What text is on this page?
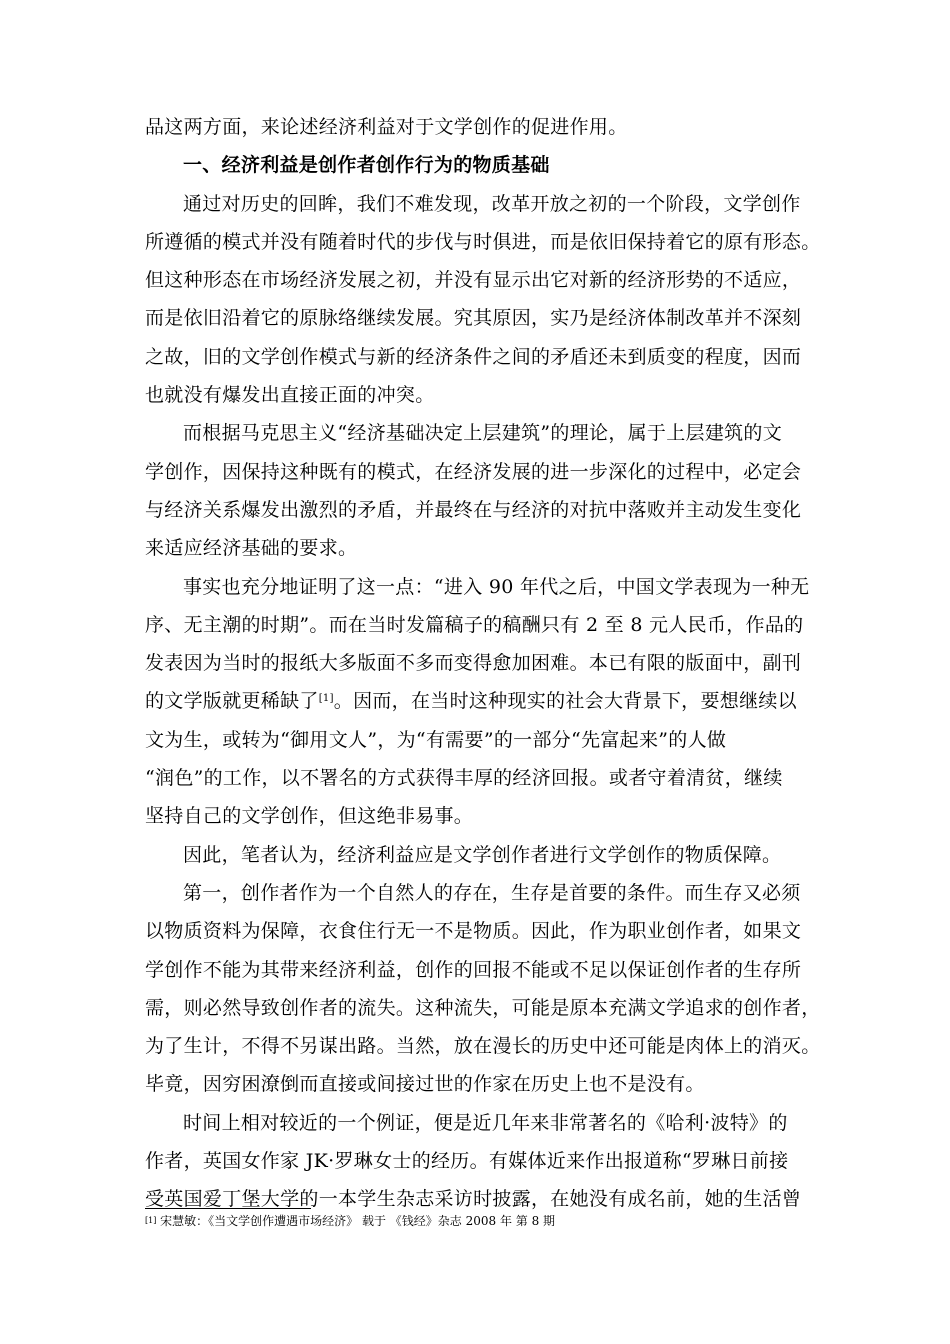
品这两方面，来论述经济利益对于文学创作的促进作用。
一、经济利益是创作者创作行为的物质基础
通过对历史的回眸，我们不难发现，改革开放之初的一个阶段，文学创作
所遵循的模式并没有随着时代的步伐与时俱进，而是依旧保持着它的原有形态。
但这种形态在市场经济发展之初，并没有显示出它对新的经济形势的不适应，
而是依旧沿着它的原脉络继续发展。究其原因，实乃是经济体制改革并不深刻
之故，旧的文学创作模式与新的经济条件之间的矛盾还未到质变的程度，因而
也就没有爆发出直接正面的冲突。
而根据马克思主义“经济基础决定上层建筑”的理论，属于上层建筑的文
学创作，因保持这种既有的模式，在经济发展的进一步深化的过程中，必定会
与经济关系爆发出激烈的矛盾，并最终在与经济的对抗中落败并主动发生变化
来适应经济基础的要求。
事实也充分地证明了这一点：“进入 90 年代之后，中国文学表现为一种无
序、无主潮的时期”。而在当时发篇稿子的稿酬只有 2 至 8 元人民币，作品的
发表因为当时的报纸大多版面不多而变得愈加困难。本已有限的版面中，副刊
的文学版就更稀缺了[1]。因而，在当时这种现实的社会大背景下，要想继续以
文为生，或转为“御用文人”，为“有需要”的一部分“先富起来”的人做
“润色”的工作，以不署名的方式获得丰厚的经济回报。或者守着清贫，继续
坚持自己的文学创作，但这绝非易事。
因此，笔者认为，经济利益应是文学创作者进行文学创作的物质保障。
第一，创作者作为一个自然人的存在，生存是首要的条件。而生存又必须
以物质资料为保障，衣食住行无一不是物质。因此，作为职业创作者，如果文
学创作不能为其带来经济利益，创作的回报不能或不足以保证创作者的生存所
需，则必然导致创作者的流失。这种流失，可能是原本充满文学追求的创作者，
为了生计，不得不另谋出路。当然，放在漫长的历史中还可能是肉体上的消灭。
毕竟，因穷困潦倒而直接或间接过世的作家在历史上也不是没有。
时间上相对较近的一个例证，便是近几年来非常著名的《哈利·波特》的
作者，英国女作家 JK·罗琳女士的经历。有媒体近来作出报道称“罗琳日前接
受英国爱丁堡大学的一本学生杂志采访时披露，在她没有成名前，她的生活曾
[1] 宋慧敏：《当文学创作遭遇市场经济》 载于 《钱经》杂志 2008 年 第 8 期
